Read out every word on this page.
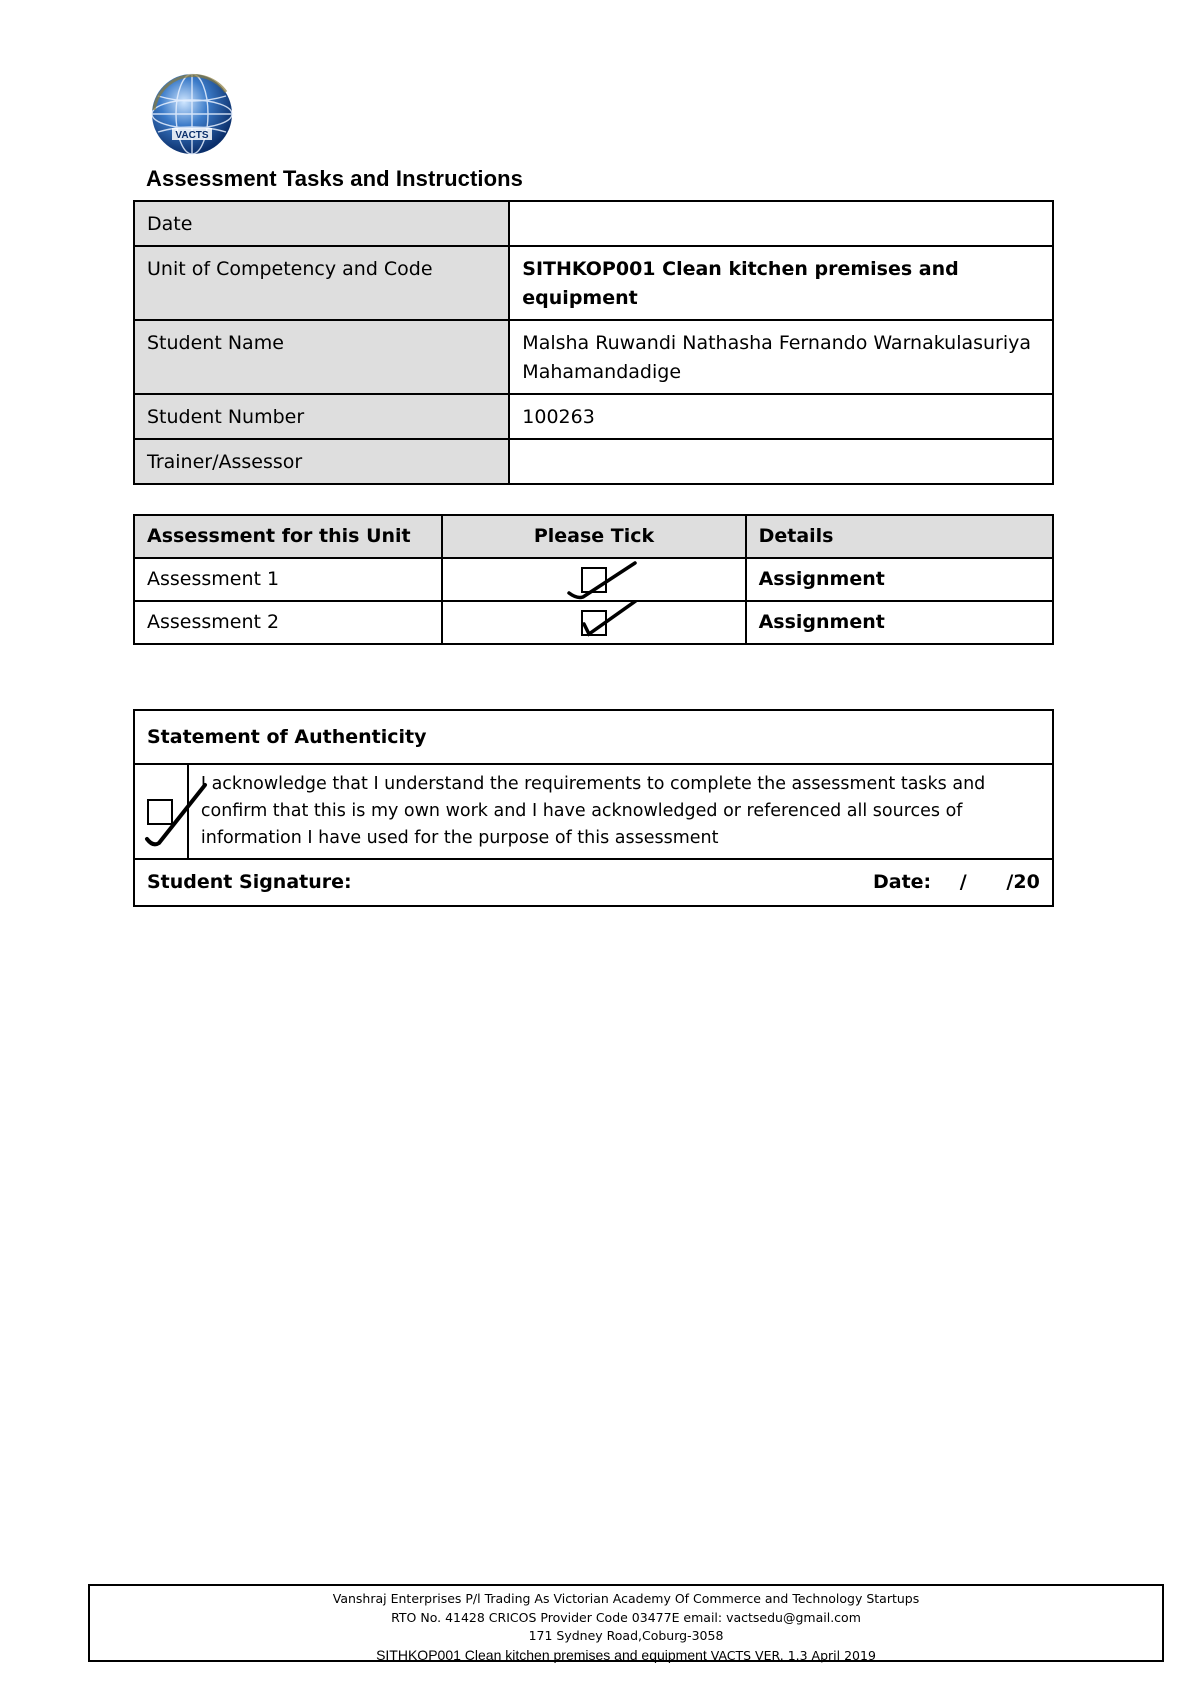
VACTS
Assessment Tasks and Instructions
Date	
Unit of Competency and Code	SITHKOP001 Clean kitchen premises and equipment
Student Name	Malsha Ruwandi Nathasha Fernando Warnakulasuriya Mahamandadige
Student Number	100263
Trainer/Assessor	
Assessment for this Unit	Please Tick	Details
Assessment 1		Assignment
Assessment 2		Assignment
Statement of Authenticity

	I acknowledge that I understand the requirements to complete the assessment tasks and confirm that this is my own work and I have acknowledged or referenced all sources of information I have used for the purpose of this assessment
Student Signature:	Date: /      /20
Vanshraj Enterprises P/l Trading As Victorian Academy Of Commerce and Technology Startups
RTO No. 41428 CRICOS Provider Code 03477E email: vactsedu@gmail.com
171 Sydney Road,Coburg-3058
SITHKOP001 Clean kitchen premises and equipment VACTS VER. 1.3 April 2019
